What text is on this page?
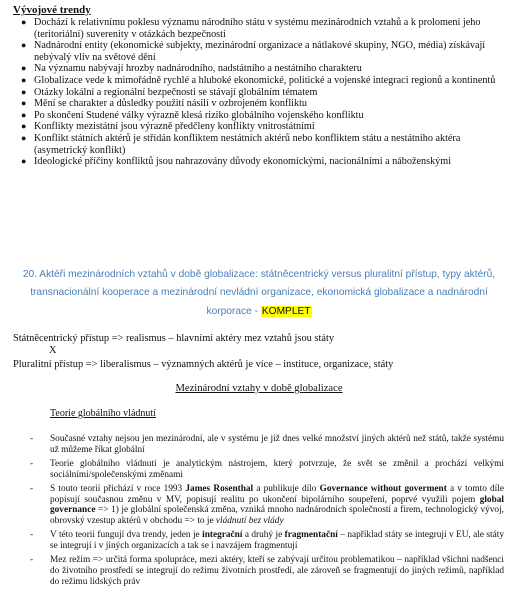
Vývojové trendy
● Dochází k relativnímu poklesu významu národního státu v systému mezinárodních vztahů a k prolomení jeho (teritoriální) suverenity v otázkách bezpečnosti
● Nadnárodní entity (ekonomické subjekty, mezinárodní organizace a nátlakové skupiny, NGO, média) získávají nebývalý vliv na světové dění
● Na významu nabývají hrozby nadnárodního, nadstátního a nestátního charakteru
● Globalizace vede k mimořádně rychlé a hluboké ekonomické, politické a vojenské integraci regionů a kontinentů
● Otázky lokální a regionální bezpečnosti se stávají globálním tématem
● Mění se charakter a důsledky použití násilí v ozbrojeném konfliktu
● Po skončení Studené války výrazně klesá riziko globálního vojenského konfliktu
● Konflikty mezistátní jsou výrazně předčleny konflikty vnitrostátními
● Konflikt státních aktérů je střídán konfliktem nestátních aktérů nebo konfliktem státu a nestátního aktéra (asymetrický konflikt)
● Ideologické příčiny konfliktů jsou nahrazovány důvody ekonomickými, nacionálními a náboženskými
20. Aktéři mezinárodních vztahů v době globalizace: státněcentrický versus pluralitní přístup, typy aktérů, transnacionální kooperace a mezinárodní nevládní organizace, ekonomická globalizace a nadnárodní korporace - KOMPLET
Státněcentrický přístup => realismus – hlavními aktéry mez vztahů jsou státy
X
Pluralitní přístup => liberalismus – významných aktérů je více – instituce, organizace, státy
Mezinárodní vztahy v době globalizace
Teorie globálního vládnutí
- Současné vztahy nejsou jen mezinárodní, ale v systému je již dnes velké množství jiných aktérů než států, takže systému už můžeme říkat globální
- Teorie globálního vládnutí je analytickým nástrojem, který potvrzuje, že svět se změnil a prochází velkými sociálními/společenskými změnami
- S touto teorií přichází v roce 1993 James Rosenthal a publikuje dílo Governance without goverment a v tomto díle popisují současnou změnu v MV, popisují realitu po ukončení bipolárního soupeření, poprvé využili pojem global governance => 1) je globální společenská změna, vzniká mnoho nadnárodních společností a firem, technologický vývoj, obrovský vzestup aktérů v obchodu => to je vládnutí bez vlády
- V této teorii fungují dva trendy, jeden je integrační a druhý je fragmentační – například státy se integrují v EU, ale státy se integrují i v jiných organizacích a tak se i navzájem fragmentují
- Mez režim => určitá forma spolupráce, mezi aktéry, kteří se zabývají určitou problematikou – například všichni nadšenci do životního prostředí se integrují do režimu životních prostředí, ale zároveň se fragmentují do jiných režimů, například do režimu lidských práv
